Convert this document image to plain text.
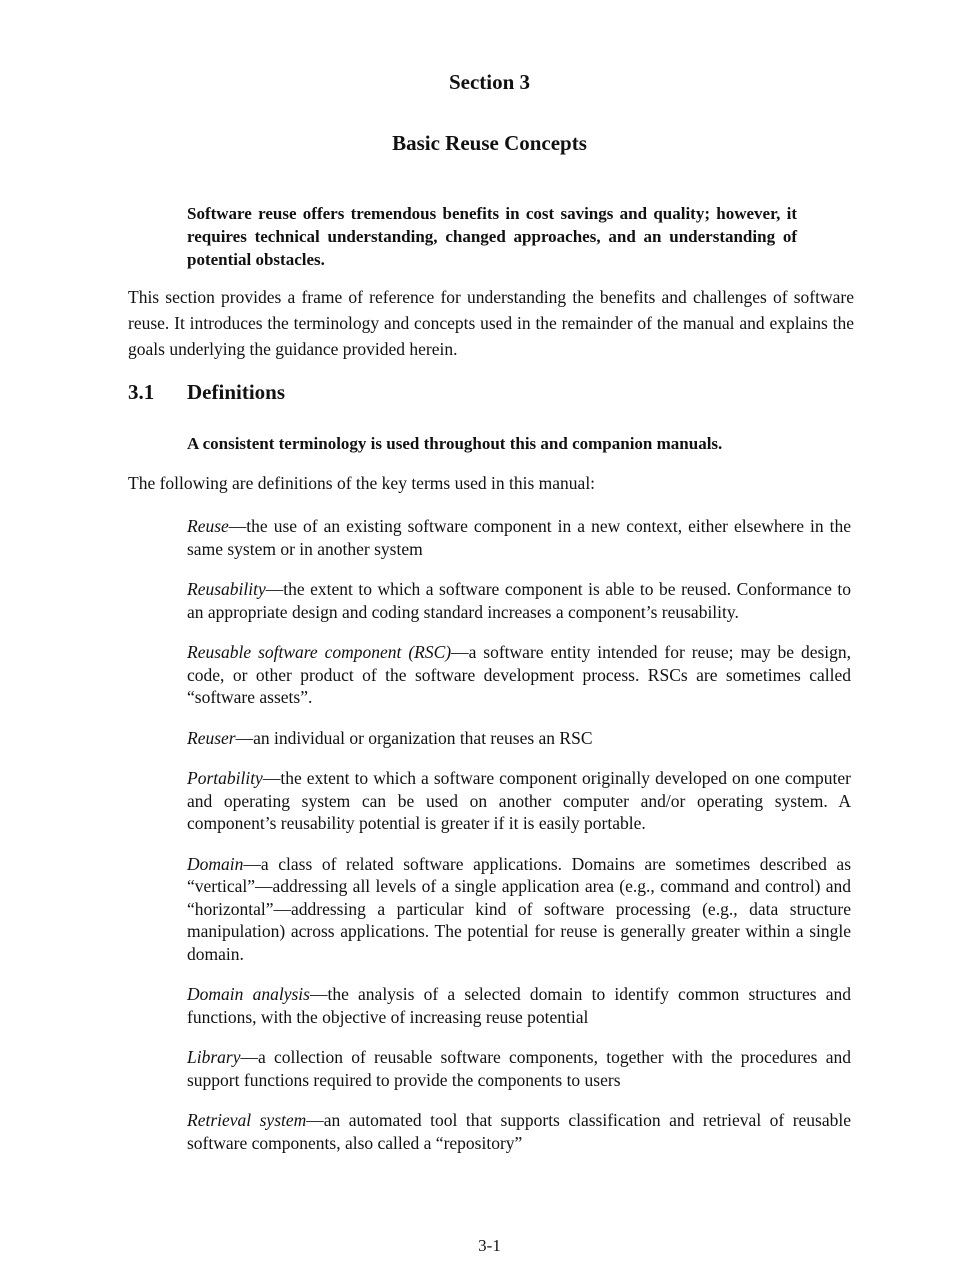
Section 3
Basic Reuse Concepts
Software reuse offers tremendous benefits in cost savings and quality; however, it requires technical understanding, changed approaches, and an understanding of potential obstacles.
This section provides a frame of reference for understanding the benefits and challenges of software reuse. It introduces the terminology and concepts used in the remainder of the manual and explains the goals underlying the guidance provided herein.
3.1 Definitions
A consistent terminology is used throughout this and companion manuals.
The following are definitions of the key terms used in this manual:

Reuse—the use of an existing software component in a new context, either elsewhere in the same system or in another system

Reusability—the extent to which a software component is able to be reused. Conformance to an appropriate design and coding standard increases a component’s reusability.

Reusable software component (RSC)—a software entity intended for reuse; may be design, code, or other product of the software development process. RSCs are sometimes called “software assets”.

Reuser—an individual or organization that reuses an RSC

Portability—the extent to which a software component originally developed on one computer and operating system can be used on another computer and/or operating system. A component’s reusability potential is greater if it is easily portable.

Domain—a class of related software applications. Domains are sometimes described as “vertical”—addressing all levels of a single application area (e.g., command and control) and “horizontal”—addressing a particular kind of software processing (e.g., data structure manipulation) across applications. The potential for reuse is generally greater within a single domain.

Domain analysis—the analysis of a selected domain to identify common structures and functions, with the objective of increasing reuse potential

Library—a collection of reusable software components, together with the procedures and support functions required to provide the components to users

Retrieval system—an automated tool that supports classification and retrieval of reusable software components, also called a “repository”

3-1
